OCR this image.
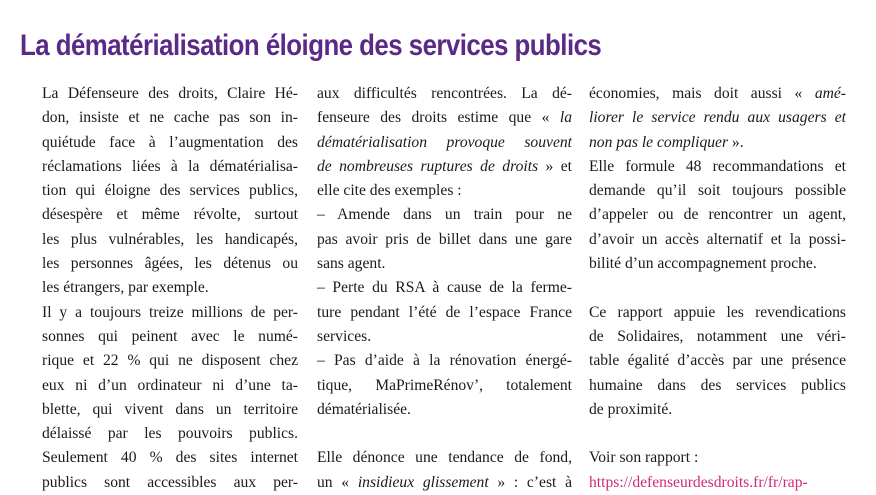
La dématérialisation éloigne des services publics
La Défenseure des droits, Claire Hé-
don, insiste et ne cache pas son in-
quiétude face à l’augmentation des
réclamations liées à la dématérialisa-
tion qui éloigne des services publics,
désespère et même révolte, surtout
les plus vulnérables, les handicapés,
les personnes âgées, les détenus ou
les étrangers, par exemple.
Il y a toujours treize millions de per-
sonnes qui peinent avec le numé-
rique et 22 % qui ne disposent chez
eux ni d’un ordinateur ni d’une ta-
blette, qui vivent dans un territoire
délaissé par les pouvoirs publics.
Seulement 40 % des sites internet
publics sont accessibles aux per-
aux difficultés rencontrées. La dé-
fenseure des droits estime que « la
dématérialisation provoque souvent
de nombreuses ruptures de droits » et
elle cite des exemples :
– Amende dans un train pour ne
pas avoir pris de billet dans une gare
sans agent.
– Perte du RSA à cause de la ferme-
ture pendant l’été de l’espace France
services.
– Pas d’aide à la rénovation énergé-
tique, MaPrimeRénov’, totalement
dématérialisée.
Elle dénonce une tendance de fond,
un « insidieux glissement » : c’est à
économies, mais doit aussi « amé-
liorer le service rendu aux usagers et
non pas le compliquer ».
Elle formule 48 recommandations et
demande qu’il soit toujours possible
d’appeler ou de rencontrer un agent,
d’avoir un accès alternatif et la possi-
bilité d’un accompagnement proche.
Ce rapport appuie les revendications
de Solidaires, notamment une véri-
table égalité d’accès par une présence
humaine dans des services publics
de proximité.
Voir son rapport :
https://defenseurdesdroits.fr/fr/rap-
